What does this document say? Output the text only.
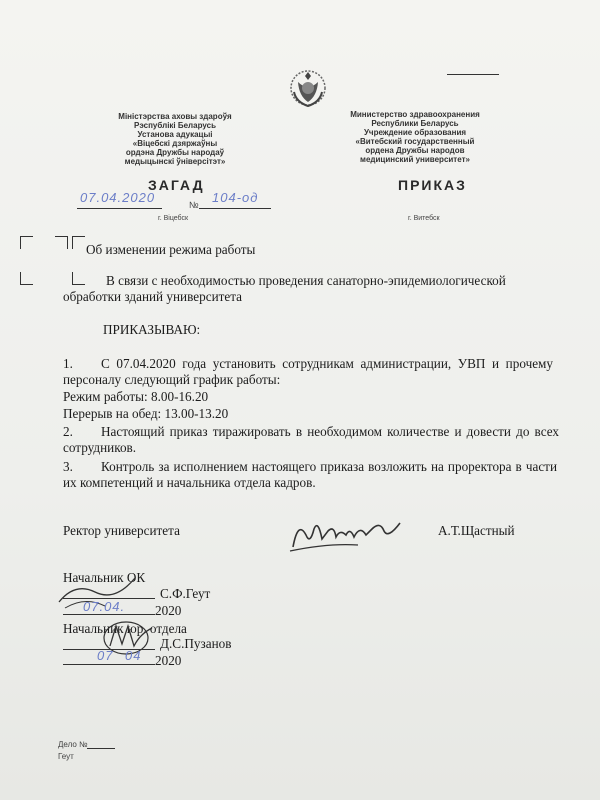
Міністэрства аховы здароўя
Рэспублікі Беларусь
Установа адукацыі
«Віцебскі дзяржаўны
ордэна Дружбы народаў
медыцынскі ўніверсітэт»
Министерство здравоохранения
Республики Беларусь
Учреждение образования
«Витебский государственный
ордена Дружбы народов
медицинский университет»
ЗАГАД	ПРИКАЗ
07.04.2020	№ 104-од
г. Віцебск	г. Витебск
Об изменении режима работы
В связи с необходимостью проведения санаторно-эпидемиологической обработки зданий университета
ПРИКАЗЫВАЮ:
1.	С 07.04.2020 года установить сотрудникам администрации, УВП и прочему персоналу следующий график работы:
Режим работы: 8.00-16.20
Перерыв на обед: 13.00-13.20
2.	Настоящий приказ тиражировать в необходимом количестве и довести до всех сотрудников.
3.	Контроль за исполнением настоящего приказа возложить на проректора в части их компетенций и начальника отдела кадров.
Ректор университета	А.Т.Щастный
Начальник ОК
С.Ф.Геут
07.04. 2020
Начальник юр. отдела
Д.С.Пузанов
07 04 2020
Дело №
Геут
